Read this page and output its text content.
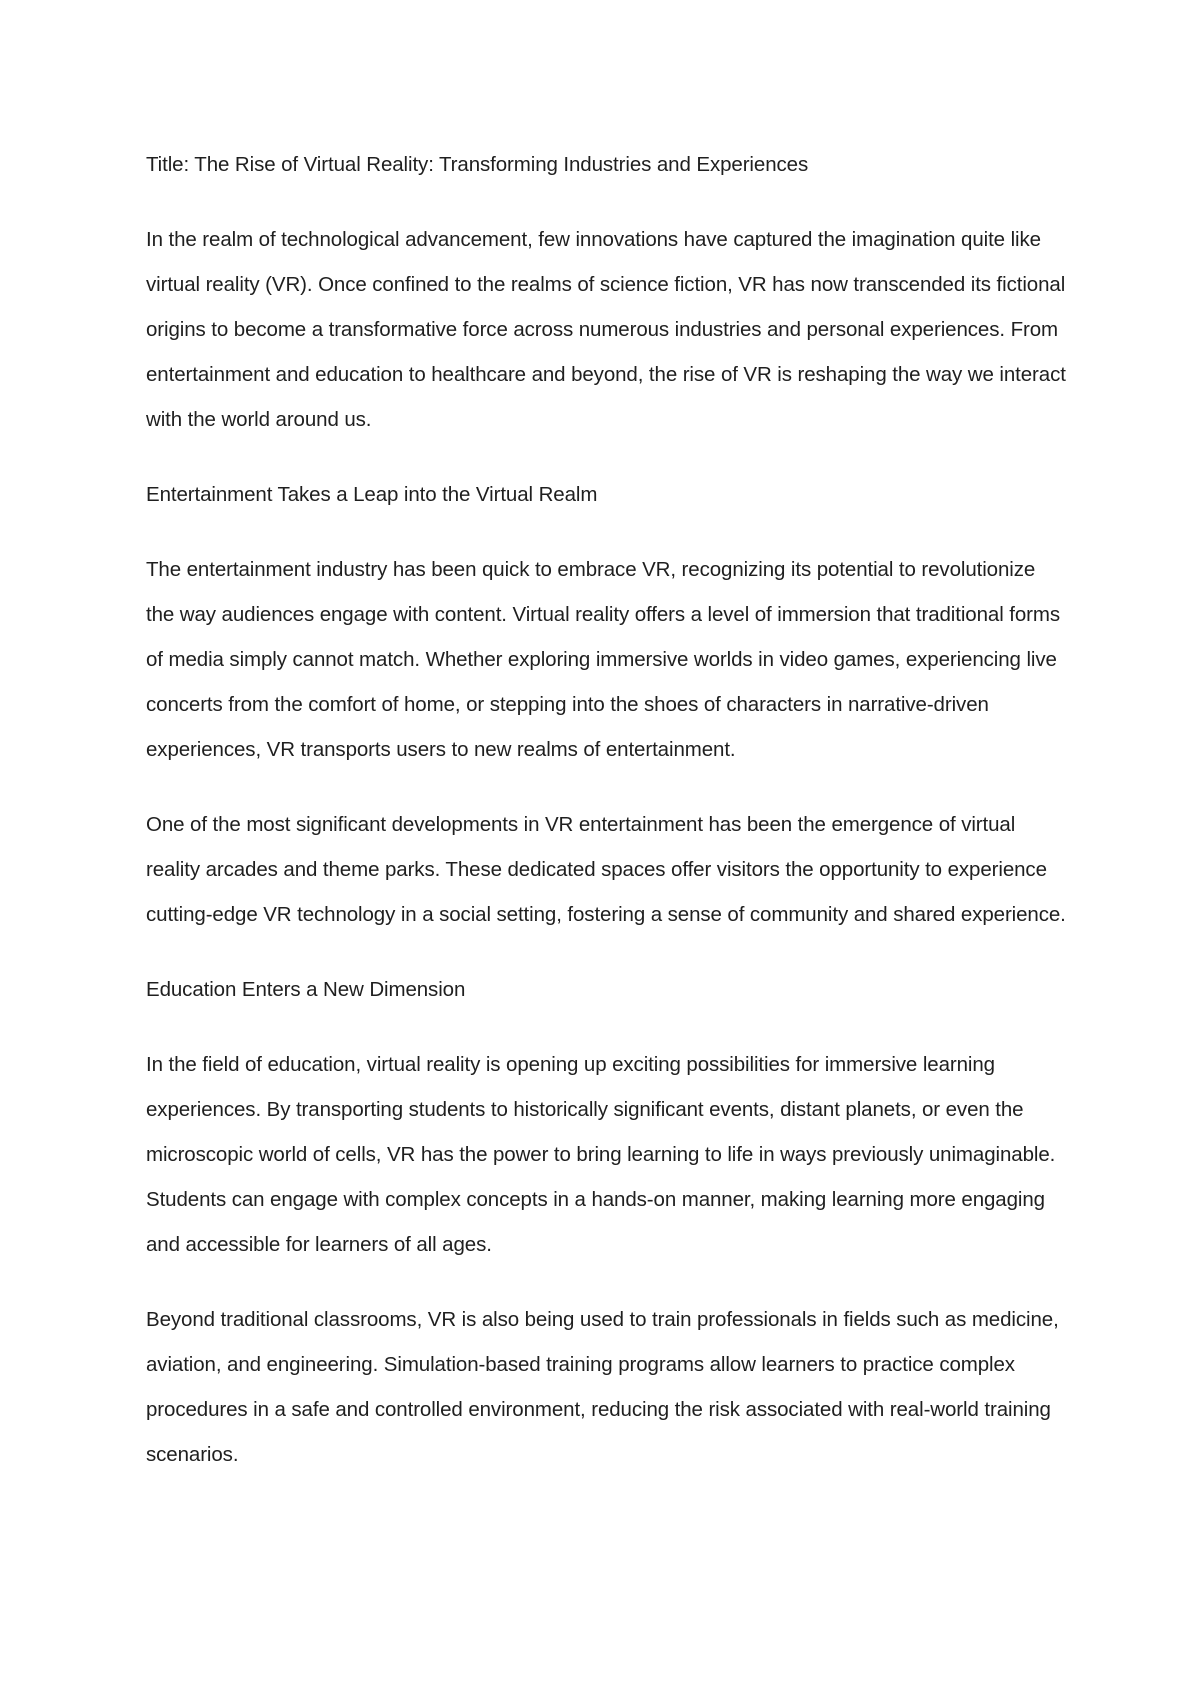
Title: The Rise of Virtual Reality: Transforming Industries and Experiences

In the realm of technological advancement, few innovations have captured the imagination quite like virtual reality (VR). Once confined to the realms of science fiction, VR has now transcended its fictional origins to become a transformative force across numerous industries and personal experiences. From entertainment and education to healthcare and beyond, the rise of VR is reshaping the way we interact with the world around us.

Entertainment Takes a Leap into the Virtual Realm

The entertainment industry has been quick to embrace VR, recognizing its potential to revolutionize the way audiences engage with content. Virtual reality offers a level of immersion that traditional forms of media simply cannot match. Whether exploring immersive worlds in video games, experiencing live concerts from the comfort of home, or stepping into the shoes of characters in narrative-driven experiences, VR transports users to new realms of entertainment.

One of the most significant developments in VR entertainment has been the emergence of virtual reality arcades and theme parks. These dedicated spaces offer visitors the opportunity to experience cutting-edge VR technology in a social setting, fostering a sense of community and shared experience.

Education Enters a New Dimension

In the field of education, virtual reality is opening up exciting possibilities for immersive learning experiences. By transporting students to historically significant events, distant planets, or even the microscopic world of cells, VR has the power to bring learning to life in ways previously unimaginable. Students can engage with complex concepts in a hands-on manner, making learning more engaging and accessible for learners of all ages.

Beyond traditional classrooms, VR is also being used to train professionals in fields such as medicine, aviation, and engineering. Simulation-based training programs allow learners to practice complex procedures in a safe and controlled environment, reducing the risk associated with real-world training scenarios.
